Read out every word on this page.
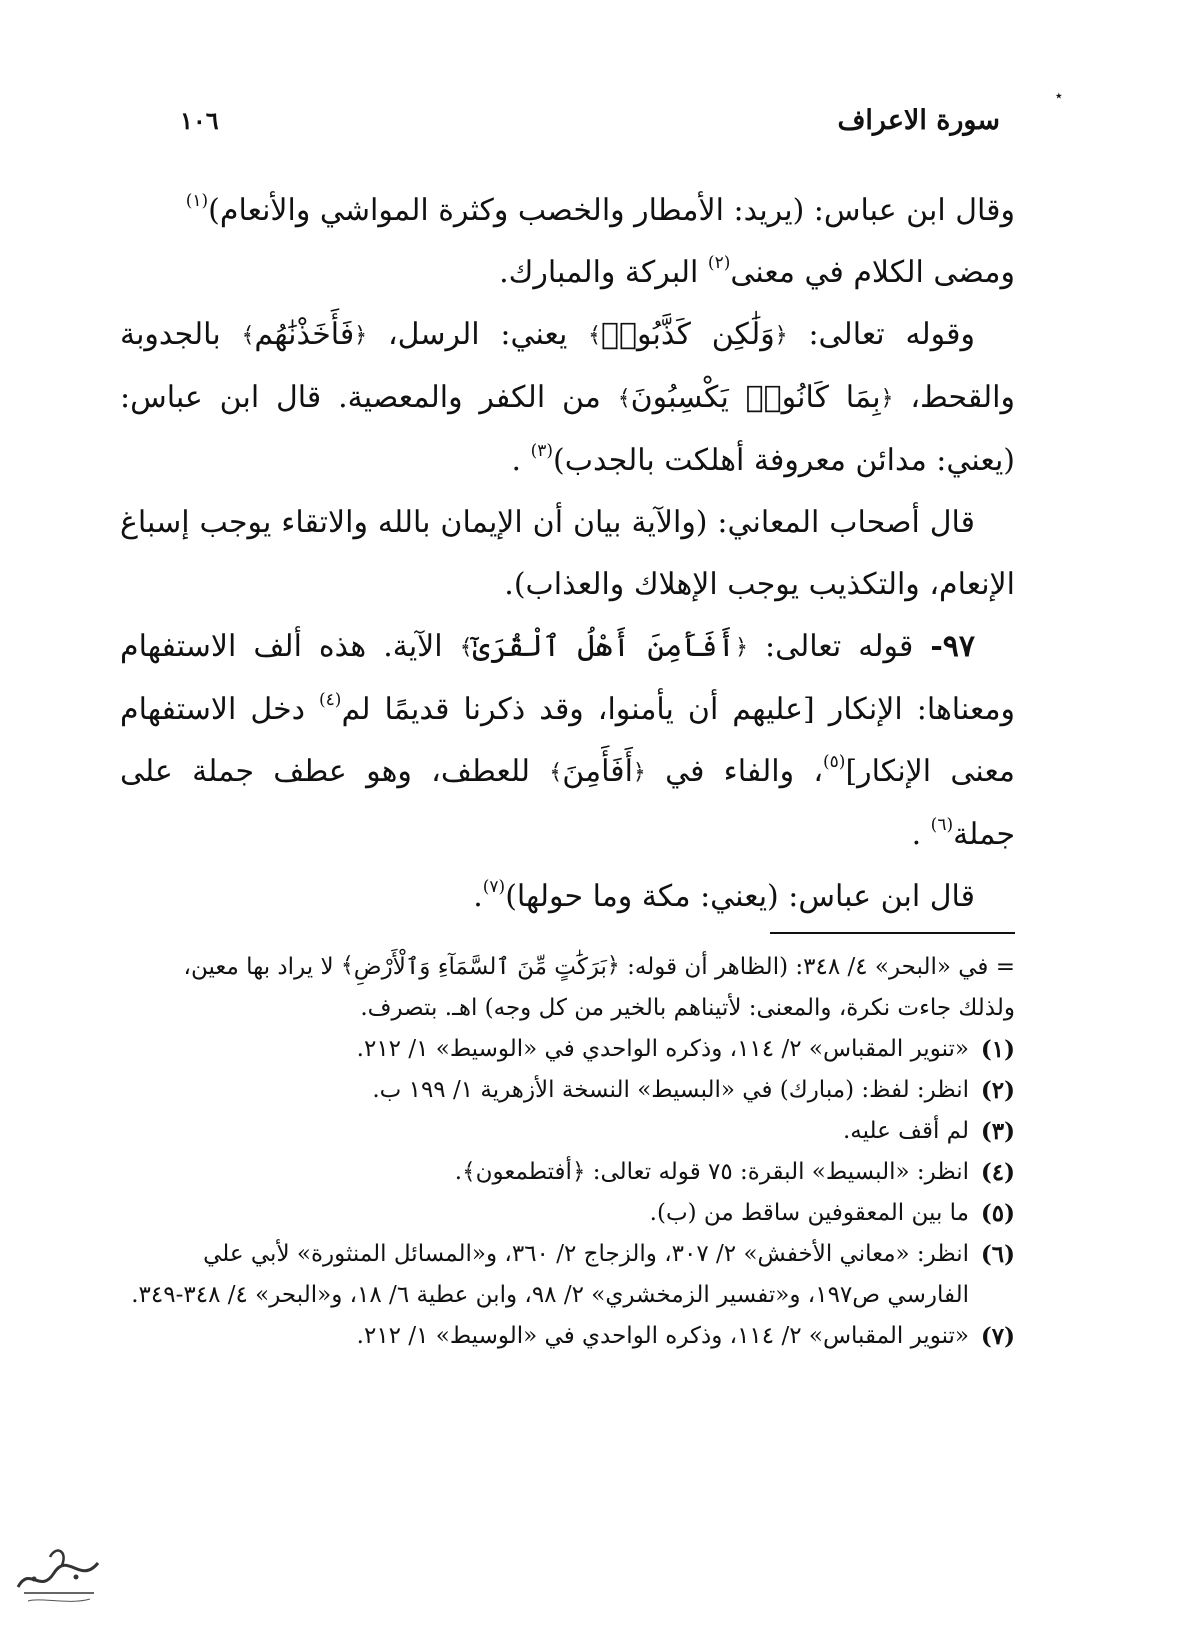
٭
سورة الاعراف
١٠٦

وقال ابن عباس: (يريد: الأمطار والخصب وكثرة المواشي والأنعام)$^{(١)}$
ومضى الكلام في معنى$^{(٢)}$ البركة والمبارك.

وقوله تعالى: ﴿وَلَٰكِن كَذَّبُوا۟﴾ يعني: الرسل، ﴿فَأَخَذْنَٰهُم﴾ بالجدوبة والقحط، ﴿بِمَا كَانُوا۟ يَكْسِبُونَ﴾ من الكفر والمعصية. قال ابن عباس: (يعني: مدائن معروفة أهلكت بالجدب)$^{(٣)}$ .

قال أصحاب المعاني: (والآية بيان أن الإيمان بالله والاتقاء يوجب إسباغ الإنعام، والتكذيب يوجب الإهلاك والعذاب).

٩٧- قوله تعالى: ﴿أَفَأَمِنَ أَهْلُ ٱلْقُرَىٰٓ﴾ الآية. هذه ألف الاستفهام ومعناها: الإنكار [عليهم أن يأمنوا، وقد ذكرنا قديمًا لم$^{(٤)}$ دخل الاستفهام معنى الإنكار]$^{(٥)}$، والفاء في ﴿أَفَأَمِنَ﴾ للعطف، وهو عطف جملة على جملة$^{(٦)}$ .

قال ابن عباس: (يعني: مكة وما حولها)$^{(٧)}$.

= في «البحر» ٤/ ٣٤٨: (الظاهر أن قوله: ﴿بَرَكَٰتٍ مِّنَ ٱلسَّمَآءِ وَٱلْأَرْضِ﴾ لا يراد بها معين، ولذلك جاءت نكرة، والمعنى: لأتيناهم بالخير من كل وجه) اهـ. بتصرف.

(١)
«تنوير المقباس» ٢/ ١١٤، وذكره الواحدي في «الوسيط» ١/ ٢١٢.
(٢)
انظر: لفظ: (مبارك) في «البسيط» النسخة الأزهرية ١/ ١٩٩ ب.
(٣)
لم أقف عليه.
(٤)
انظر: «البسيط» البقرة: ٧٥ قوله تعالى: ﴿أفتطمعون﴾.
(٥)
ما بين المعقوفين ساقط من (ب).
(٦)
انظر: «معاني الأخفش» ٢/ ٣٠٧، والزجاج ٢/ ٣٦٠، و«المسائل المنثورة» لأبي علي الفارسي ص١٩٧، و«تفسير الزمخشري» ٢/ ٩٨، وابن عطية ٦/ ١٨، و«البحر» ٤/ ٣٤٨-٣٤٩.
(٧)
«تنوير المقباس» ٢/ ١١٤، وذكره الواحدي في «الوسيط» ١/ ٢١٢.
